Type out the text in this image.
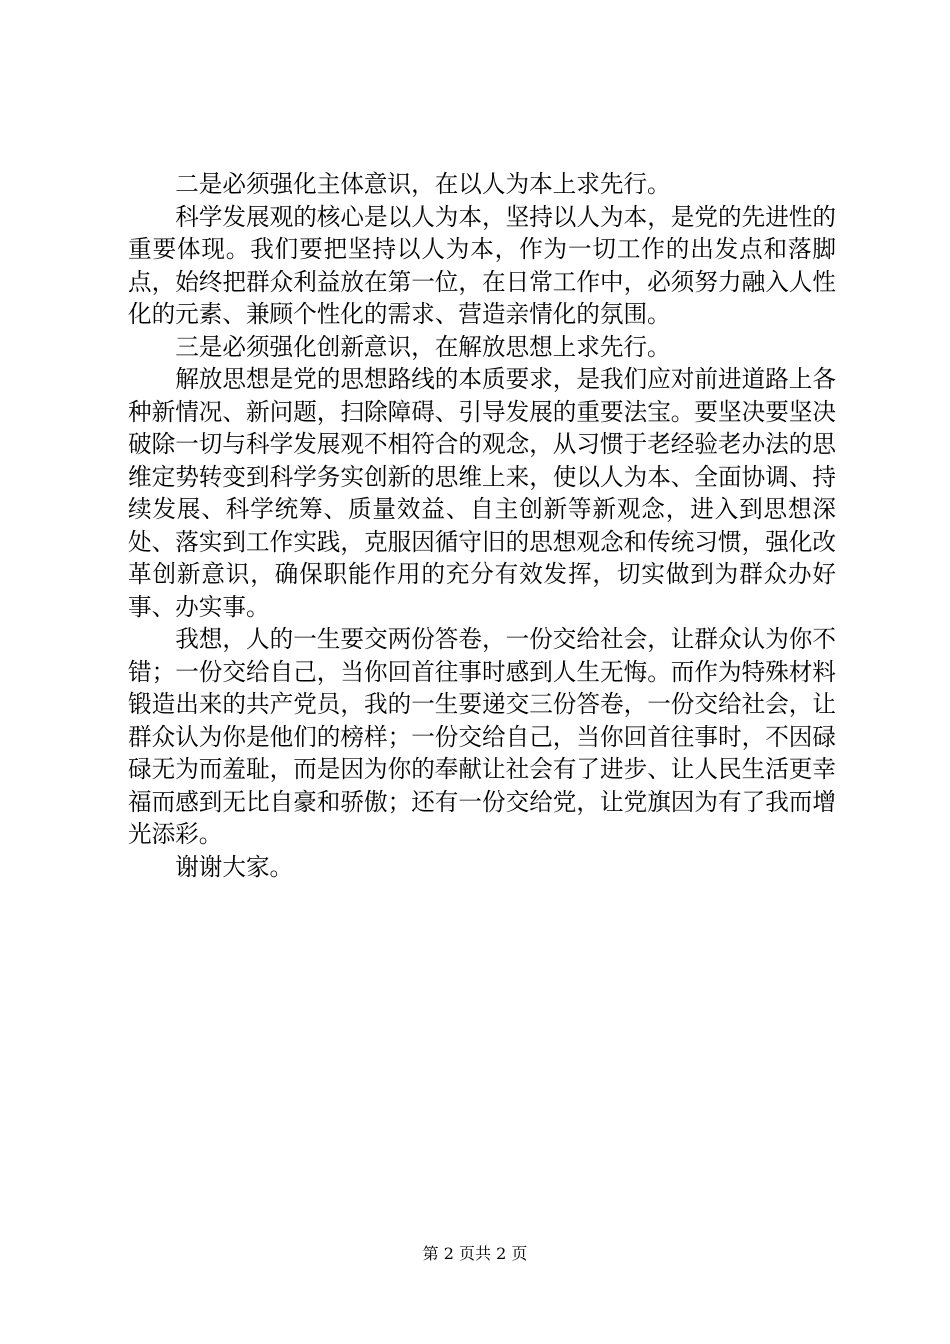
二是必须强化主体意识，在以人为本上求先行。

科学发展观的核心是以人为本，坚持以人为本，是党的先进性的重要体现。我们要把坚持以人为本，作为一切工作的出发点和落脚点，始终把群众利益放在第一位，在日常工作中，必须努力融入人性化的元素、兼顾个性化的需求、营造亲情化的氛围。

三是必须强化创新意识，在解放思想上求先行。

解放思想是党的思想路线的本质要求，是我们应对前进道路上各种新情况、新问题，扫除障碍、引导发展的重要法宝。要坚决要坚决破除一切与科学发展观不相符合的观念，从习惯于老经验老办法的思维定势转变到科学务实创新的思维上来，使以人为本、全面协调、持续发展、科学统筹、质量效益、自主创新等新观念，进入到思想深处、落实到工作实践，克服因循守旧的思想观念和传统习惯，强化改革创新意识，确保职能作用的充分有效发挥，切实做到为群众办好事、办实事。

我想，人的一生要交两份答卷，一份交给社会，让群众认为你不错；一份交给自己，当你回首往事时感到人生无悔。而作为特殊材料锻造出来的共产党员，我的一生要递交三份答卷，一份交给社会，让群众认为你是他们的榜样；一份交给自己，当你回首往事时，不因碌碌无为而羞耻，而是因为你的奉献让社会有了进步、让人民生活更幸福而感到无比自豪和骄傲；还有一份交给党，让党旗因为有了我而增光添彩。

谢谢大家。

第 2 页共 2 页
